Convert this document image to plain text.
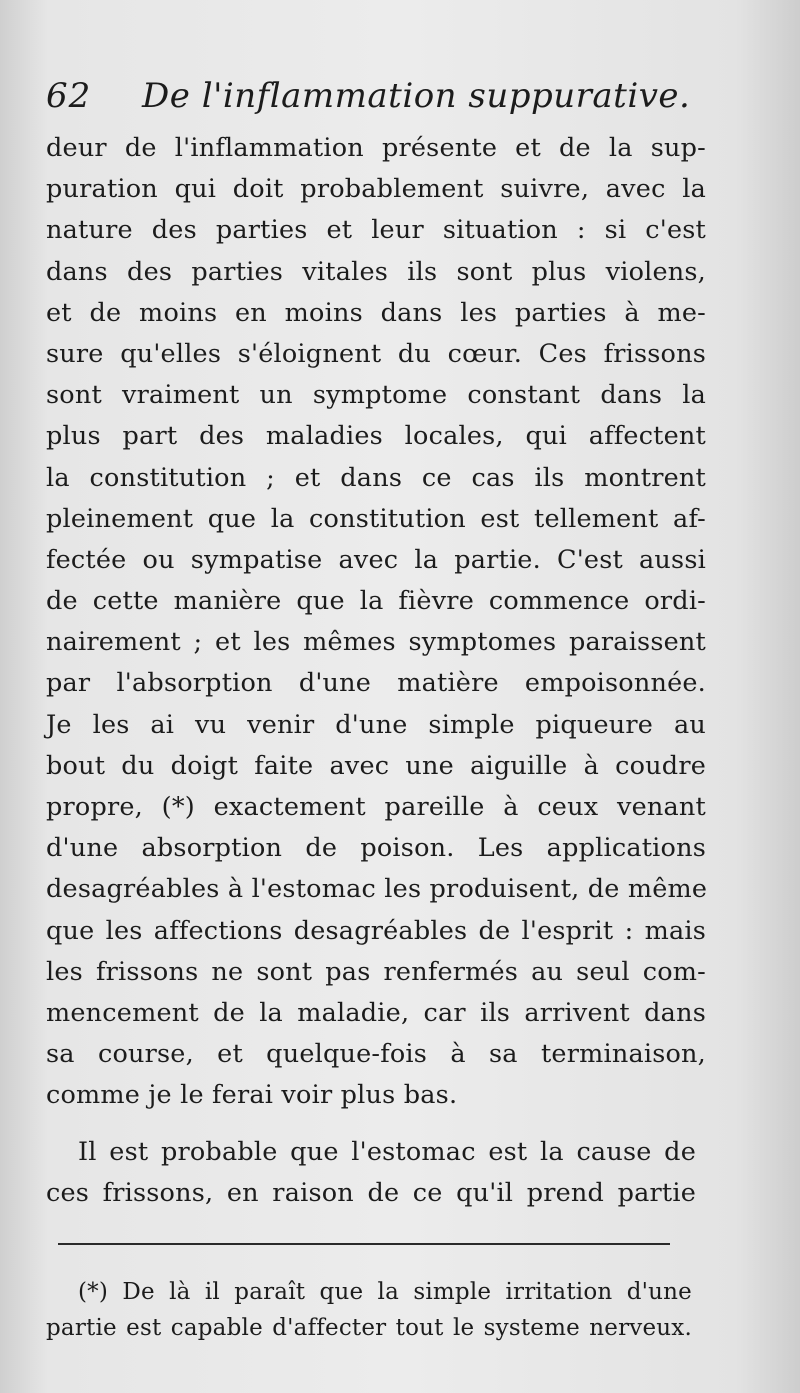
62 De l'inflammation suppurative.
deur de l'inflammation présente et de la sup-
puration qui doit probablement suivre, avec la
nature des parties et leur situation : si c'est
dans des parties vitales ils sont plus violens,
et de moins en moins dans les parties à me-
sure qu'elles s'éloignent du cœur. Ces frissons
sont vraiment un symptome constant dans la
plus part des maladies locales, qui affectent
la constitution ; et dans ce cas ils montrent
pleinement que la constitution est tellement af-
fectée ou sympatise avec la partie. C'est aussi
de cette manière que la fièvre commence ordi-
nairement ; et les mêmes symptomes paraissent
par l'absorption d'une matière empoisonnée.
Je les ai vu venir d'une simple piqueure au
bout du doigt faite avec une aiguille à coudre
propre, (*) exactement pareille à ceux venant
d'une absorption de poison. Les applications
desagréables à l'estomac les produisent, de même
que les affections desagréables de l'esprit : mais
les frissons ne sont pas renfermés au seul com-
mencement de la maladie, car ils arrivent dans
sa course, et quelque-fois à sa terminaison,
comme je le ferai voir plus bas.
Il est probable que l'estomac est la cause de
ces frissons, en raison de ce qu'il prend partie
(*) De là il paraît que la simple irritation d'une
partie est capable d'affecter tout le systeme nerveux.
